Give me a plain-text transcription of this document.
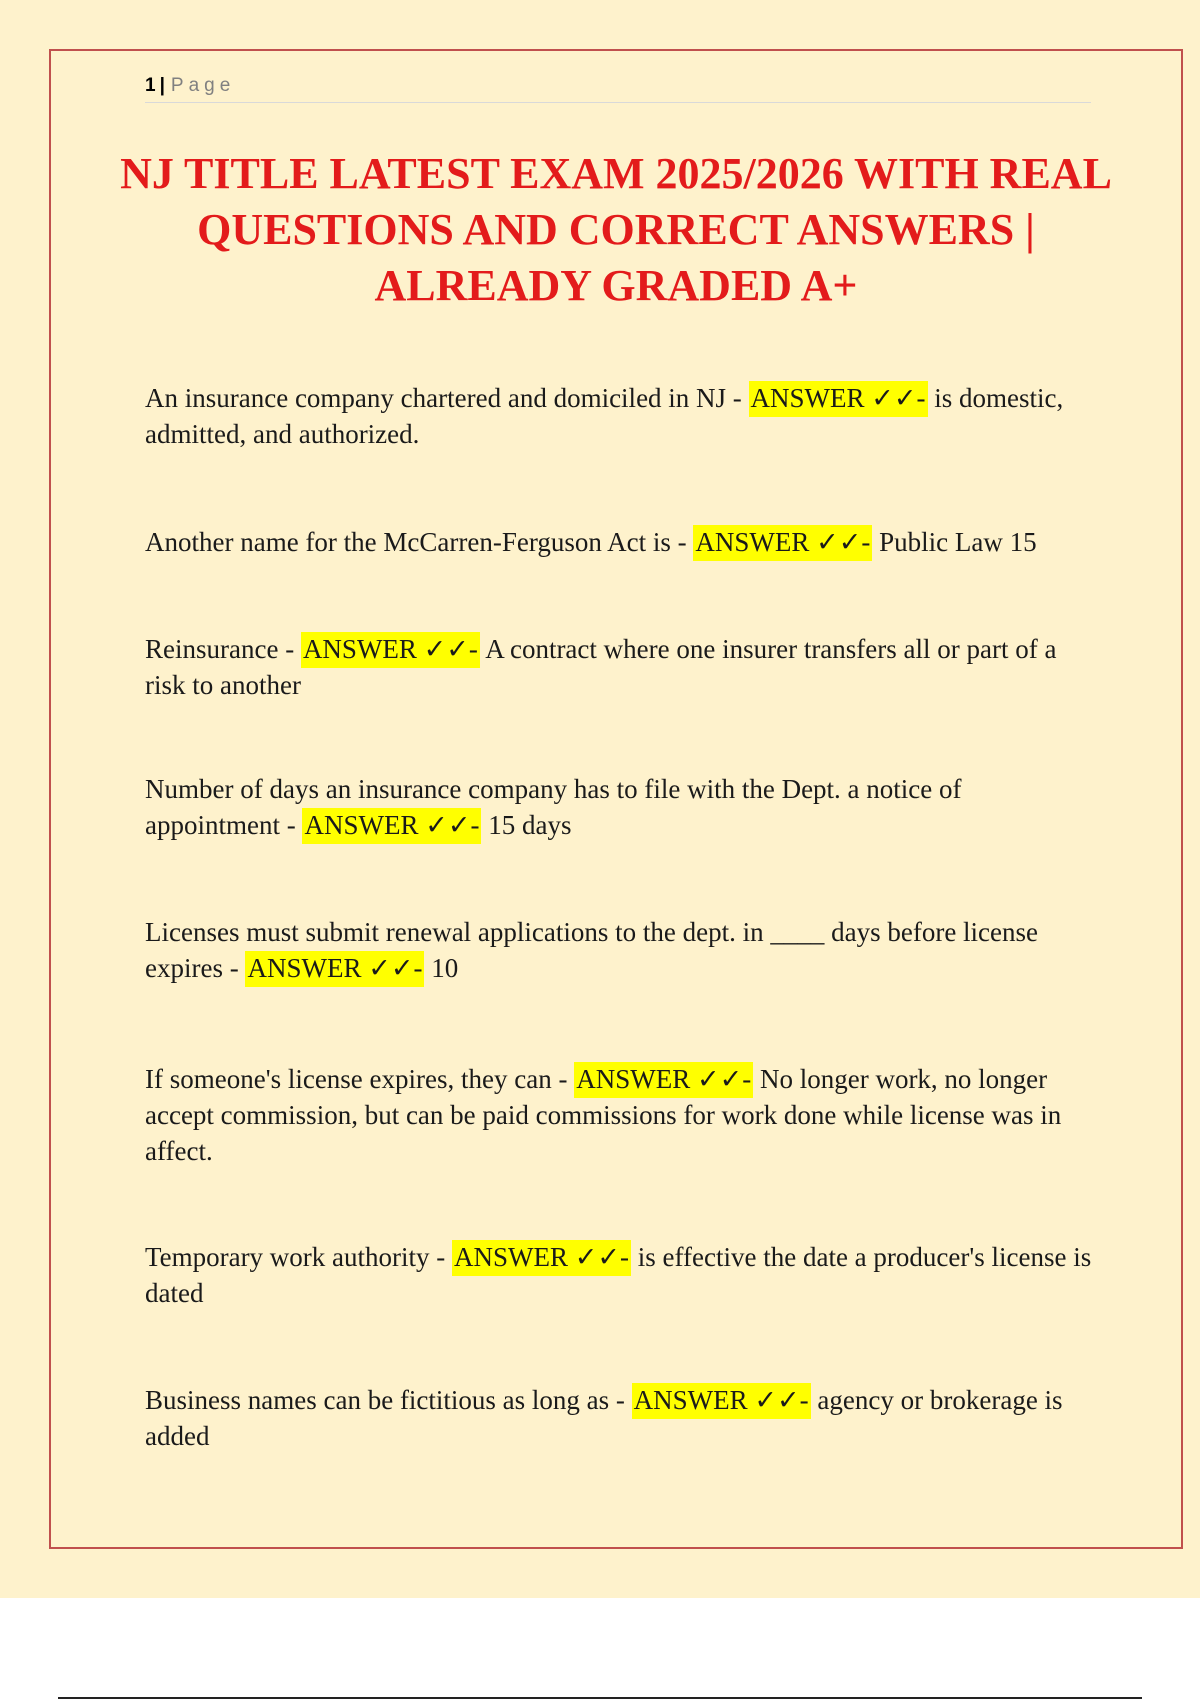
1 | Page
NJ TITLE LATEST EXAM 2025/2026 WITH REAL QUESTIONS AND CORRECT ANSWERS | ALREADY GRADED A+

An insurance company chartered and domiciled in NJ - ANSWER ✓✓- is domestic, admitted, and authorized.

Another name for the McCarren-Ferguson Act is - ANSWER ✓✓- Public Law 15

Reinsurance - ANSWER ✓✓- A contract where one insurer transfers all or part of a risk to another

Number of days an insurance company has to file with the Dept. a notice of appointment - ANSWER ✓✓- 15 days

Licenses must submit renewal applications to the dept. in ____ days before license expires - ANSWER ✓✓- 10

If someone's license expires, they can - ANSWER ✓✓- No longer work, no longer accept commission, but can be paid commissions for work done while license was in affect.

Temporary work authority - ANSWER ✓✓- is effective the date a producer's license is dated

Business names can be fictitious as long as - ANSWER ✓✓- agency or brokerage is added
